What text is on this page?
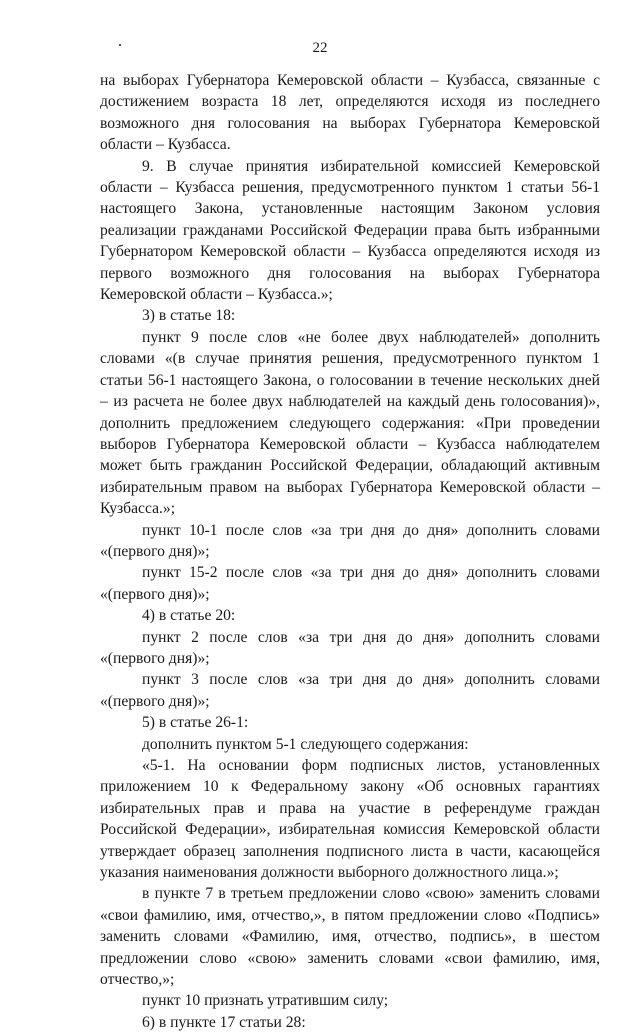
22

на выборах Губернатора Кемеровской области – Кузбасса, связанные с достижением возраста 18 лет, определяются исходя из последнего возможного дня голосования на выборах Губернатора Кемеровской области – Кузбасса.

9. В случае принятия избирательной комиссией Кемеровской области – Кузбасса решения, предусмотренного пунктом 1 статьи 56-1 настоящего Закона, установленные настоящим Законом условия реализации гражданами Российской Федерации права быть избранными Губернатором Кемеровской области – Кузбасса определяются исходя из первого возможного дня голосования на выборах Губернатора Кемеровской области – Кузбасса.»;

3) в статье 18:

пункт 9 после слов «не более двух наблюдателей» дополнить словами «(в случае принятия решения, предусмотренного пунктом 1 статьи 56-1 настоящего Закона, о голосовании в течение нескольких дней – из расчета не более двух наблюдателей на каждый день голосования)», дополнить предложением следующего содержания: «При проведении выборов Губернатора Кемеровской области – Кузбасса наблюдателем может быть гражданин Российской Федерации, обладающий активным избирательным правом на выборах Губернатора Кемеровской области – Кузбасса.»;

пункт 10-1 после слов «за три дня до дня» дополнить словами «(первого дня)»;

пункт 15-2 после слов «за три дня до дня» дополнить словами «(первого дня)»;

4) в статье 20:

пункт 2 после слов «за три дня до дня» дополнить словами «(первого дня)»;

пункт 3 после слов «за три дня до дня» дополнить словами «(первого дня)»;

5) в статье 26-1:

дополнить пунктом 5-1 следующего содержания:

«5-1. На основании форм подписных листов, установленных приложением 10 к Федеральному закону «Об основных гарантиях избирательных прав и права на участие в референдуме граждан Российской Федерации», избирательная комиссия Кемеровской области утверждает образец заполнения подписного листа в части, касающейся указания наименования должности выборного должностного лица.»;

в пункте 7 в третьем предложении слово «свою» заменить словами «свои фамилию, имя, отчество,», в пятом предложении слово «Подпись» заменить словами «Фамилию, имя, отчество, подпись», в шестом предложении слово «свою» заменить словами «свои фамилию, имя, отчество,»;

пункт 10 признать утратившим силу;

6) в пункте 17 статьи 28:
